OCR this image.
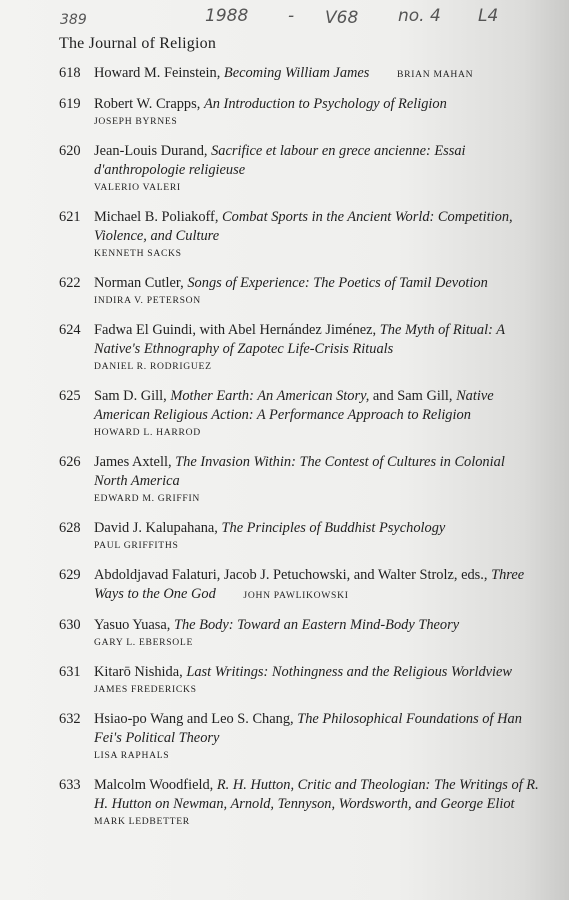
389	1988 - V68 no. 4 L4
The Journal of Religion
618 Howard M. Feinstein, Becoming William James	BRIAN MAHAN
619 Robert W. Crapps, An Introduction to Psychology of Religion
JOSEPH BYRNES
620 Jean-Louis Durand, Sacrifice et labour en grece ancienne: Essai d'anthropologie religieuse
VALERIO VALERI
621 Michael B. Poliakoff, Combat Sports in the Ancient World: Competition, Violence, and Culture
KENNETH SACKS
622 Norman Cutler, Songs of Experience: The Poetics of Tamil Devotion
INDIRA V. PETERSON
624 Fadwa El Guindi, with Abel Hernández Jiménez, The Myth of Ritual: A Native's Ethnography of Zapotec Life-Crisis Rituals
DANIEL R. RODRIGUEZ
625 Sam D. Gill, Mother Earth: An American Story, and Sam Gill, Native American Religious Action: A Performance Approach to Religion
HOWARD L. HARROD
626 James Axtell, The Invasion Within: The Contest of Cultures in Colonial North America
EDWARD M. GRIFFIN
628 David J. Kalupahana, The Principles of Buddhist Psychology
PAUL GRIFFITHS
629 Abdoldjavad Falaturi, Jacob J. Petuchowski, and Walter Strolz, eds., Three Ways to the One God	JOHN PAWLIKOWSKI
630 Yasuo Yuasa, The Body: Toward an Eastern Mind-Body Theory
GARY L. EBERSOLE
631 Kitarō Nishida, Last Writings: Nothingness and the Religious Worldview
JAMES FREDERICKS
632 Hsiao-po Wang and Leo S. Chang, The Philosophical Foundations of Han Fei's Political Theory
LISA RAPHALS
633 Malcolm Woodfield, R. H. Hutton, Critic and Theologian: The Writings of R. H. Hutton on Newman, Arnold, Tennyson, Wordsworth, and George Eliot
MARK LEDBETTER
